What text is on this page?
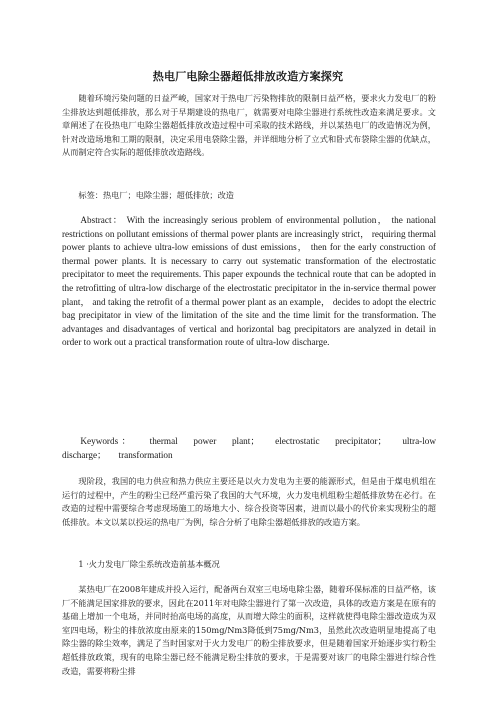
热电厂电除尘器超低排放改造方案探究

随着环境污染问题的日益严峻，国家对于热电厂污染物排放的限制日益严格，要求火力发电厂的粉尘排放达到超低排放，那么对于早期建设的热电厂，就需要对电除尘器进行系统性改造来满足要求。文章阐述了在役热电厂电除尘器超低排放改造过程中可采取的技术路线，并以某热电厂的改造情况为例，针对改造场地和工期的限制，决定采用电袋除尘器，并详细地分析了立式和卧式布袋除尘器的优缺点，从而制定符合实际的超低排放改造路线。

标签：热电厂；电除尘器；超低排放；改造

Abstract： With the increasingly serious problem of environmental pollution， the national restrictions on pollutant emissions of thermal power plants are increasingly strict， requiring thermal power plants to achieve ultra-low emissions of dust emissions， then for the early construction of thermal power plants. It is necessary to carry out systematic transformation of the electrostatic precipitator to meet the requirements. This paper expounds the technical route that can be adopted in the retrofitting of ultra-low discharge of the electrostatic precipitator in the in-service thermal power plant， and taking the retrofit of a thermal power plant as an example， decides to adopt the electric bag precipitator in view of the limitation of the site and the time limit for the transformation. The advantages and disadvantages of vertical and horizontal bag precipitators are analyzed in detail in order to work out a practical transformation route of ultra-low discharge.

Keywords： thermal power plant； electrostatic precipitator； ultra-low discharge； transformation

现阶段，我国的电力供应和热力供应主要还是以火力发电为主要的能源形式，但是由于煤电机组在运行的过程中，产生的粉尘已经严重污染了我国的大气环境，火力发电机组粉尘超低排放势在必行。在改造的过程中需要综合考虑现场施工的场地大小、综合投资等因素，进而以最小的代价来实现粉尘的超低排放。本文以某以投运的热电厂为例，综合分析了电除尘器超低排放的改造方案。

1 ·火力发电厂除尘系统改造前基本概况

某热电厂在2008年建成并投入运行，配备两台双室三电场电除尘器，随着环保标准的日益严格，该厂不能满足国家排放的要求，因此在2011年对电除尘器进行了第一次改造，具体的改造方案是在原有的基础上增加一个电场，并同时抬高电场的高度，从而增大除尘的面积，这样就使得电除尘器改造成为双室四电场，粉尘的排放浓度由原来的150mg/Nm3降低到75mg/Nm3，虽然此次改造明显地提高了电除尘器的除尘效率，满足了当时国家对于火力发电厂的粉尘排放要求，但是随着国家开始逐步实行粉尘超低排放政策，现有的电除尘器已经不能满足粉尘排放的要求，于是需要对该厂的电除尘器进行综合性改造，需要将粉尘排
